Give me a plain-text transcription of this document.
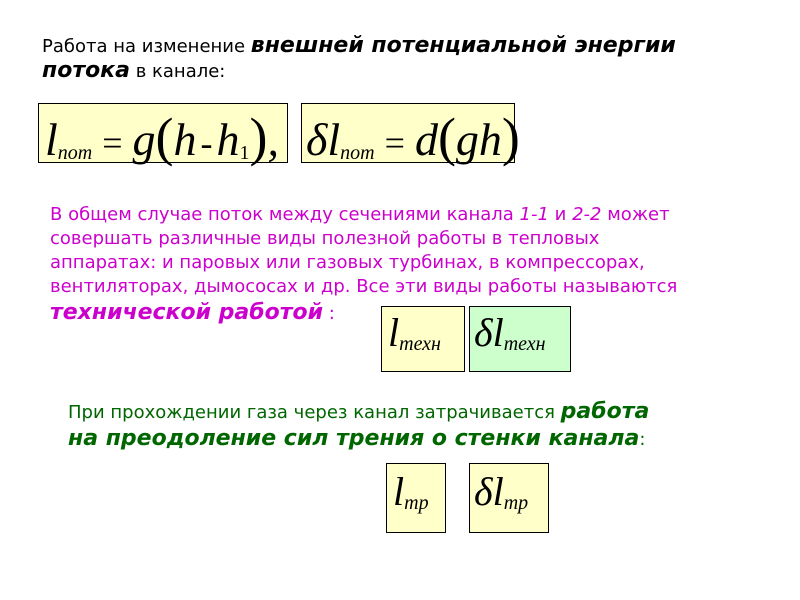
Работа на изменение внешней потенциальной энергии потока в канале:
$l_{пот} = g(h$ $-h_1$), $\delta l_{пот} = d(gh)$
В общем случае поток между сечениями канала 1-1 и 2-2 может
совершать различные виды полезной работы в тепловых
аппаратах: и паровых или газовых турбинах, в компрессорах,
вентиляторах, дымососах и др. Все эти виды работы называются
технической работой :	$l_{техн}$ $\delta l_{техн}$
При прохождении газа через канал затрачивается работа
на преодоление сил трения о стенки канала:
$l_{тр}$ $\delta l_{тр}$
